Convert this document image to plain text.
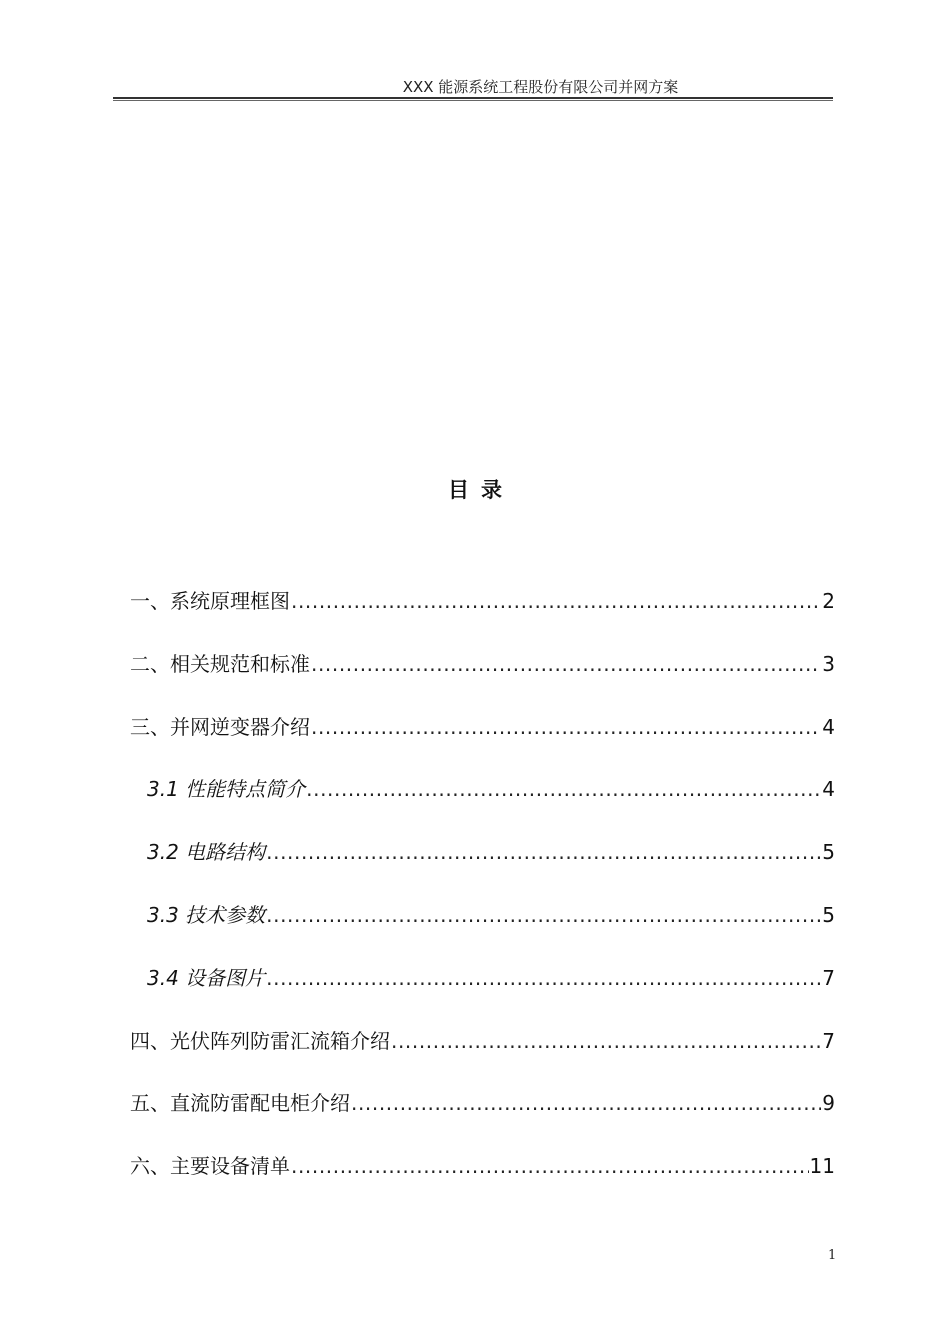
XXX 能源系统工程股份有限公司并网方案
目录
一、系统原理框图 .....	2
二、相关规范和标准 .....	3
三、并网逆变器介绍 .....	4
3.1 性能特点简介 .....	4
3.2 电路结构 .....	5
3.3 技术参数 .....	5
3.4 设备图片 .....	7
四、光伏阵列防雷汇流箱介绍 .....	7
五、直流防雷配电柜介绍 .....	9
六、主要设备清单 .....	11
1
